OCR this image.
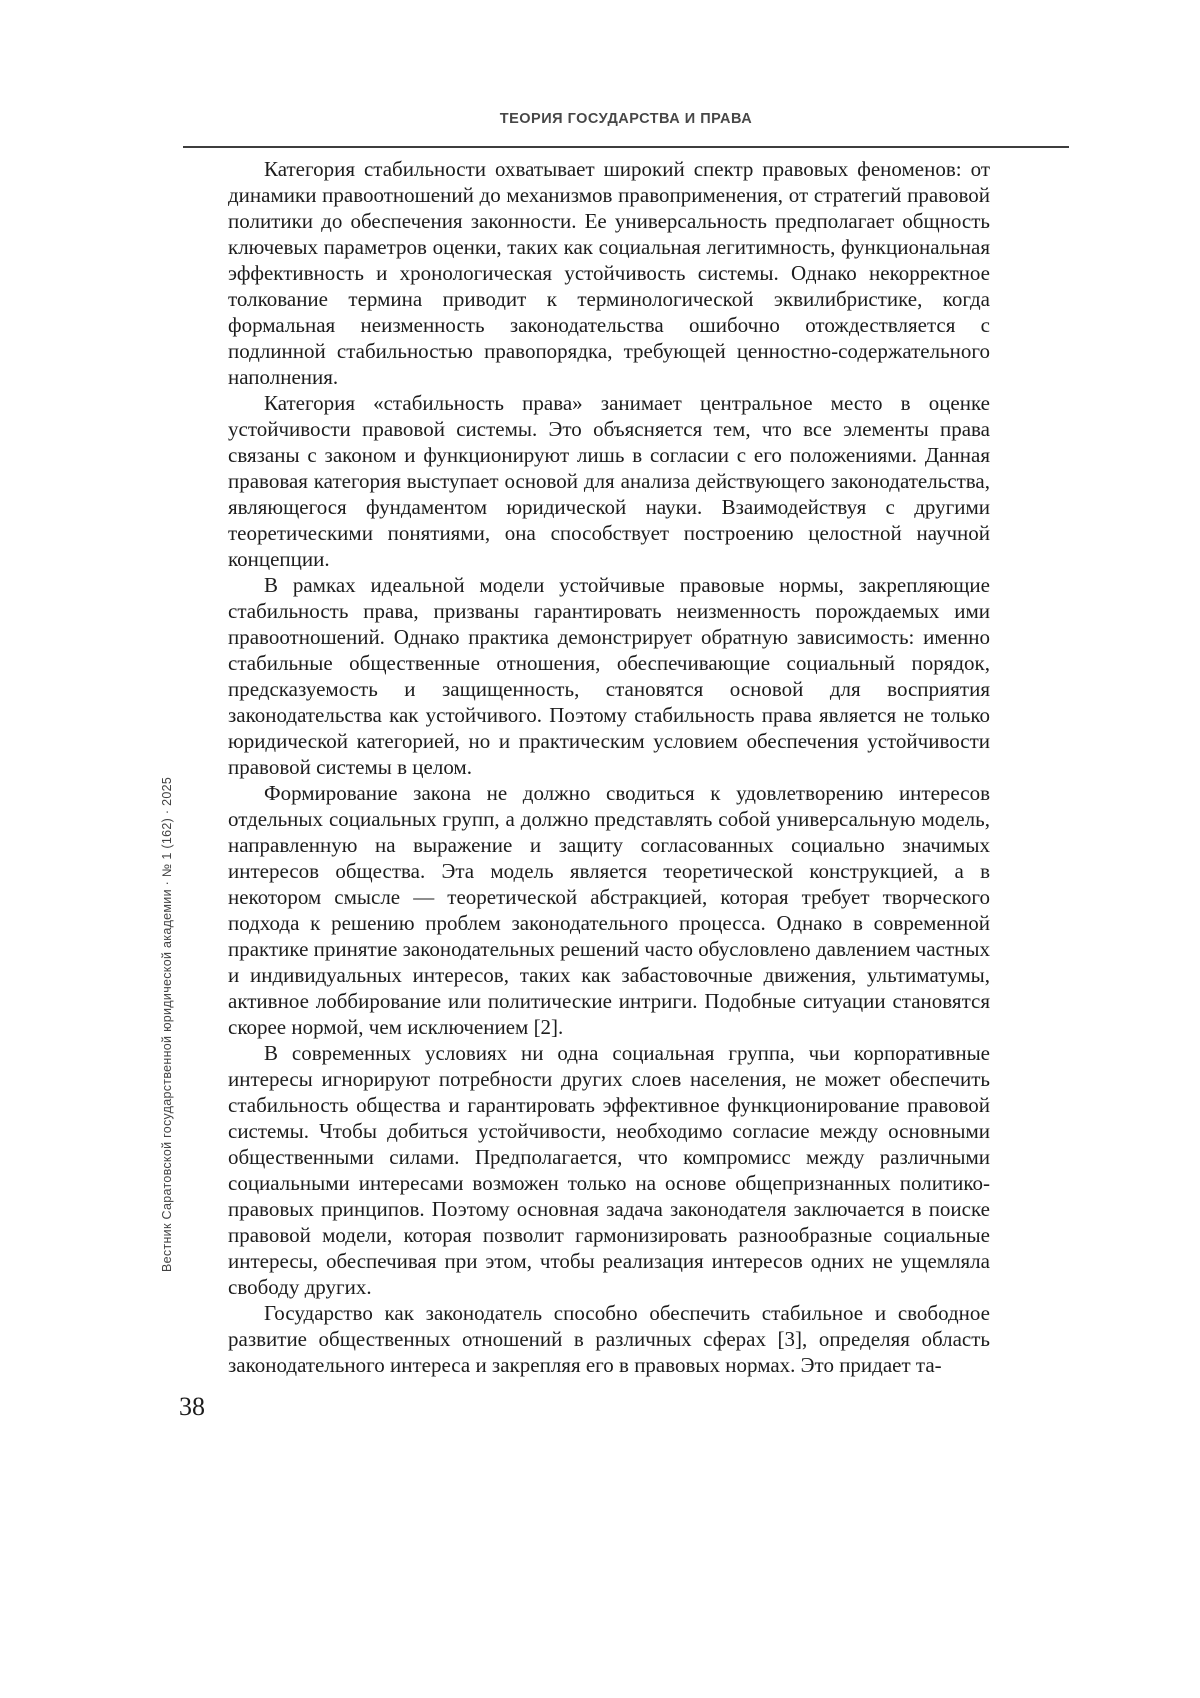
ТЕОРИЯ ГОСУДАРСТВА И ПРАВА

Категория стабильности охватывает широкий спектр правовых феноменов: от динамики правоотношений до механизмов правоприменения, от стратегий правовой политики до обеспечения законности. Ее универсальность предполагает общность ключевых параметров оценки, таких как социальная легитимность, функциональная эффективность и хронологическая устойчивость системы. Однако некорректное толкование термина приводит к терминологической эквилибристике, когда формальная неизменность законодательства ошибочно отождествляется с подлинной стабильностью правопорядка, требующей ценностно-содержательного наполнения.

Категория «стабильность права» занимает центральное место в оценке устойчивости правовой системы. Это объясняется тем, что все элементы права связаны с законом и функционируют лишь в согласии с его положениями. Данная правовая категория выступает основой для анализа действующего законодательства, являющегося фундаментом юридической науки. Взаимодействуя с другими теоретическими понятиями, она способствует построению целостной научной концепции.

В рамках идеальной модели устойчивые правовые нормы, закрепляющие стабильность права, призваны гарантировать неизменность порождаемых ими правоотношений. Однако практика демонстрирует обратную зависимость: именно стабильные общественные отношения, обеспечивающие социальный порядок, предсказуемость и защищенность, становятся основой для восприятия законодательства как устойчивого. Поэтому стабильность права является не только юридической категорией, но и практическим условием обеспечения устойчивости правовой системы в целом.

Формирование закона не должно сводиться к удовлетворению интересов отдельных социальных групп, а должно представлять собой универсальную модель, направленную на выражение и защиту согласованных социально значимых интересов общества. Эта модель является теоретической конструкцией, а в некотором смысле — теоретической абстракцией, которая требует творческого подхода к решению проблем законодательного процесса. Однако в современной практике принятие законодательных решений часто обусловлено давлением частных и индивидуальных интересов, таких как забастовочные движения, ультиматумы, активное лоббирование или политические интриги. Подобные ситуации становятся скорее нормой, чем исключением [2].

В современных условиях ни одна социальная группа, чьи корпоративные интересы игнорируют потребности других слоев населения, не может обеспечить стабильность общества и гарантировать эффективное функционирование правовой системы. Чтобы добиться устойчивости, необходимо согласие между основными общественными силами. Предполагается, что компромисс между различными социальными интересами возможен только на основе общепризнанных политико-правовых принципов. Поэтому основная задача законодателя заключается в поиске правовой модели, которая позволит гармонизировать разнообразные социальные интересы, обеспечивая при этом, чтобы реализация интересов одних не ущемляла свободу других.

Государство как законодатель способно обеспечить стабильное и свободное развитие общественных отношений в различных сферах [3], определяя область законодательного интереса и закрепляя его в правовых нормах. Это придает та-

Вестник Саратовской государственной юридической академии · № 1 (162) · 2025
38
